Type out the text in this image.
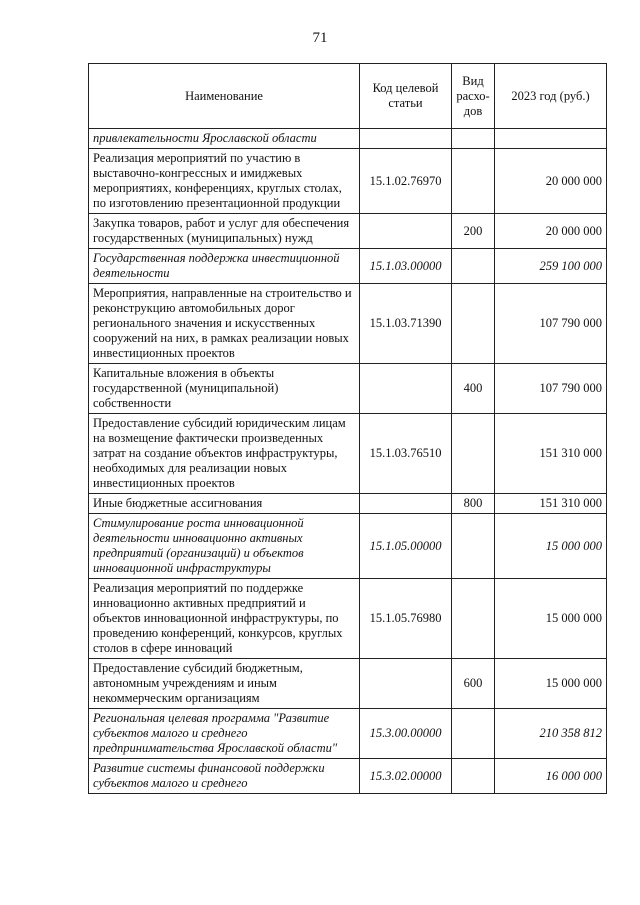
71
Наименование	Код целевой статьи	Вид расхо-дов	2023 год (руб.)
привлекательности Ярославской области			
Реализация мероприятий по участию в выставочно-конгрессных и имиджевых мероприятиях, конференциях, круглых столах, по изготовлению презентационной продукции	15.1.02.76970		20 000 000
Закупка товаров, работ и услуг для обеспечения государственных (муниципальных) нужд		200	20 000 000
Государственная поддержка инвестиционной деятельности	15.1.03.00000		259 100 000
Мероприятия, направленные на строительство и реконструкцию автомобильных дорог регионального значения и искусственных сооружений на них, в рамках реализации новых инвестиционных проектов	15.1.03.71390		107 790 000
Капитальные вложения в объекты государственной (муниципальной) собственности		400	107 790 000
Предоставление субсидий юридическим лицам на возмещение фактически произведенных затрат на создание объектов инфраструктуры, необходимых для реализации новых инвестиционных проектов	15.1.03.76510		151 310 000
Иные бюджетные ассигнования		800	151 310 000
Стимулирование роста инновационной деятельности инновационно активных предприятий (организаций) и объектов инновационной инфраструктуры	15.1.05.00000		15 000 000
Реализация мероприятий по поддержке инновационно активных предприятий и объектов инновационной инфраструктуры, по проведению конференций, конкурсов, круглых столов в сфере инноваций	15.1.05.76980		15 000 000
Предоставление субсидий бюджетным, автономным учреждениям и иным некоммерческим организациям		600	15 000 000
Региональная целевая программа "Развитие субъектов малого и среднего предпринимательства Ярославской области"	15.3.00.00000		210 358 812
Развитие системы финансовой поддержки субъектов малого и среднего	15.3.02.00000		16 000 000
